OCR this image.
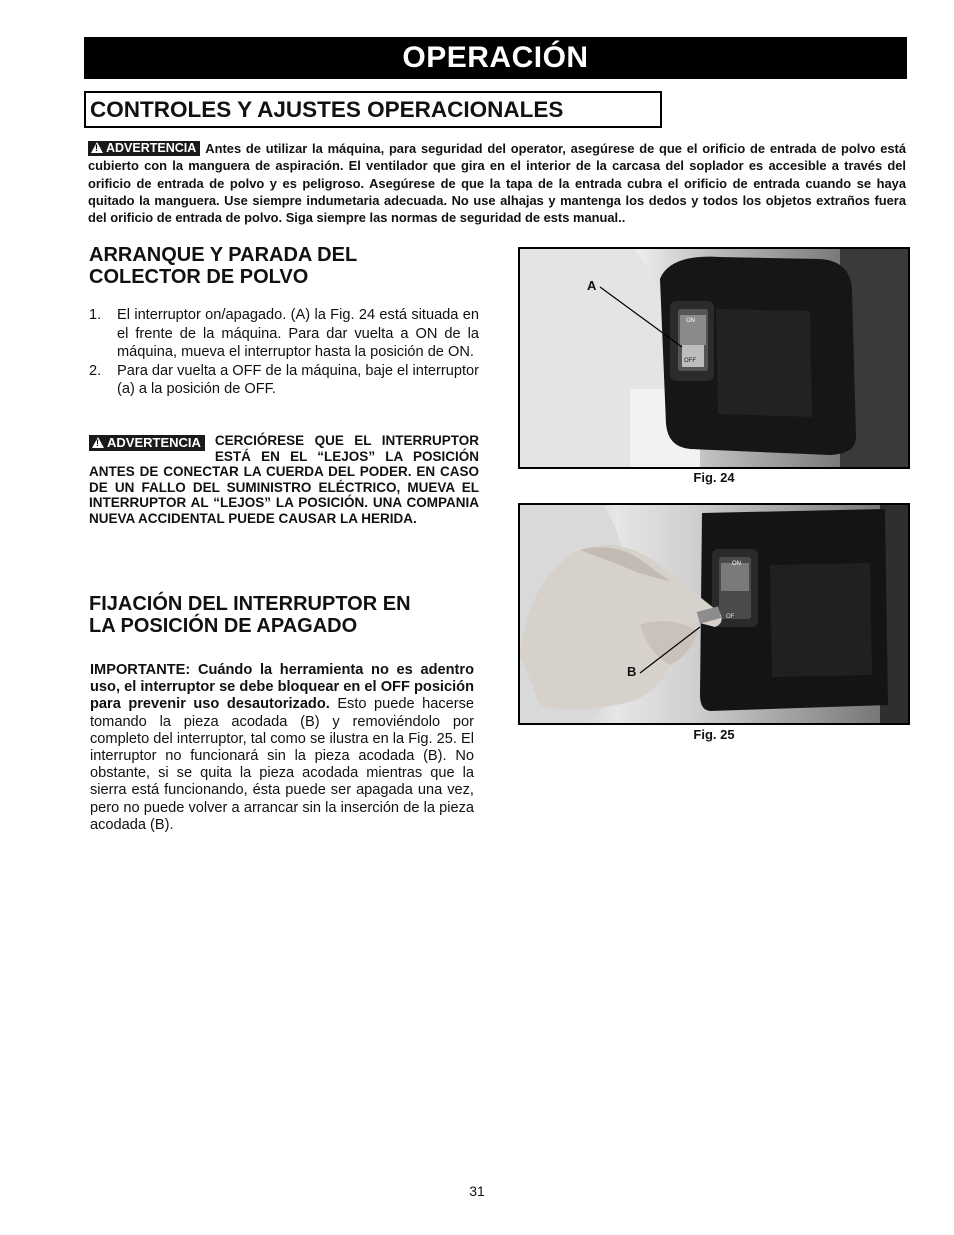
OPERACIÓN
CONTROLES Y AJUSTES OPERACIONALES
!ADVERTENCIA Antes de utilizar la máquina, para seguridad del operator, asegúrese de que el orificio de entrada de polvo está cubierto con la manguera de aspiración. El ventilador que gira en el interior de la carcasa del soplador es accesible a través del orificio de entrada de polvo y es peligroso. Asegúrese de que la tapa de la entrada cubra el orificio de entrada cuando se haya quitado la manguera. Use siempre indumetaria adecuada. No use alhajas y mantenga los dedos y todos los objetos extraños fuera del orificio de entrada de polvo. Siga siempre las normas de seguridad de ests manual..
ARRANQUE Y PARADA DEL
COLECTOR DE POLVO
1. El interruptor on/apagado. (A) la Fig. 24 está situada en el frente de la máquina. Para dar vuelta a ON de la máquina, mueva el interruptor hasta la posición de ON.
2. Para dar vuelta a OFF de la máquina, baje el interruptor (a) a la posición de OFF.
!ADVERTENCIA CERCIÓRESE QUE EL INTERRUPTOR ESTÁ EN EL “LEJOS” LA POSICIÓN ANTES DE CONECTAR LA CUERDA DEL PODER. EN CASO DE UN FALLO DEL SUMINISTRO ELÉCTRICO, MUEVA EL INTERRUPTOR AL “LEJOS” LA POSICIÓN. UNA COMPANIA NUEVA ACCIDENTAL PUEDE CAUSAR LA HERIDA.
FIJACIÓN DEL INTERRUPTOR EN
LA POSICIÓN DE APAGADO
IMPORTANTE: Cuándo la herramienta no es adentro uso, el interruptor se debe bloquear en el OFF posición para prevenir uso desautorizado. Esto puede hacerse tomando la pieza acodada (B) y removiéndolo por completo del interruptor, tal como se ilustra en la Fig. 25. El interruptor no funcionará sin la pieza acodada (B). No obstante, si se quita la pieza acodada mientras que la sierra está funcionando, ésta puede ser apagada una vez, pero no puede volver a arrancar sin la inserción de la pieza acodada (B).
ON
OFF
A
Fig. 24
ON
OF
B
Fig. 25
31
